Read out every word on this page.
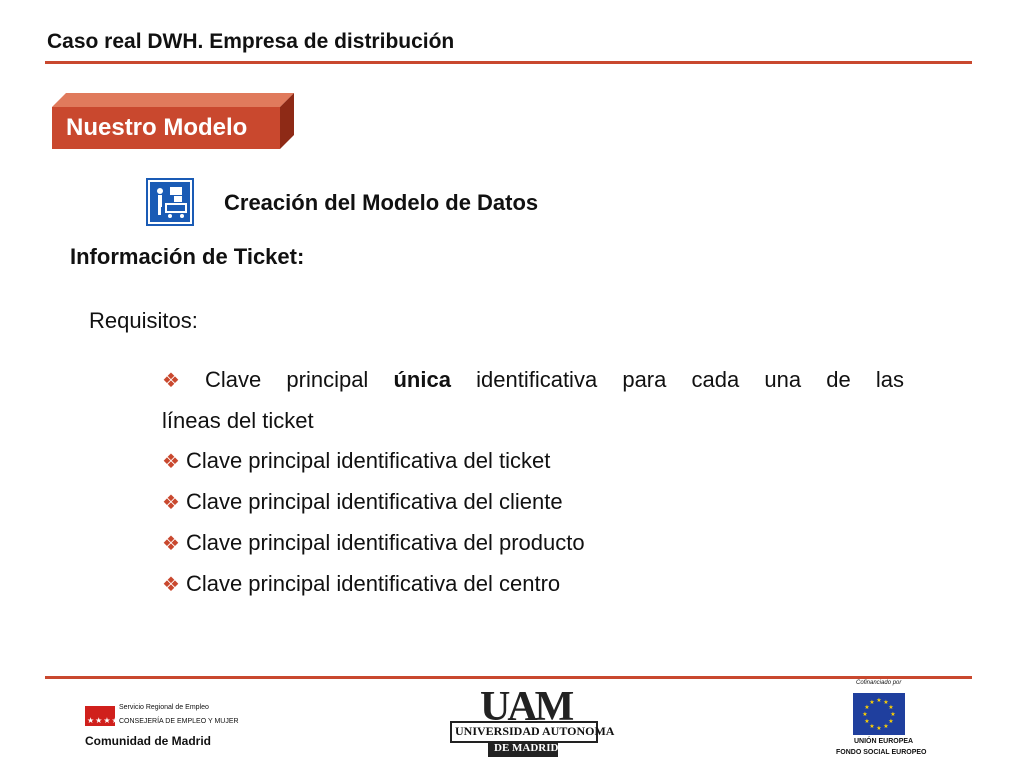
Caso real DWH. Empresa de distribución
Nuestro Modelo
Creación del Modelo de Datos
Información de Ticket:
Requisitos:
❖ Clave principal única identificativa para cada una de las
líneas del ticket
❖ Clave principal identificativa del ticket
❖ Clave principal identificativa del cliente
❖ Clave principal identificativa del producto
❖ Clave principal identificativa del centro
★★★★
Servicio Regional de Empleo
CONSEJERÍA DE EMPLEO Y MUJER
Comunidad de Madrid
UAM
UNIVERSIDAD AUTONOMA
DE MADRID
Cofinanciado por
★ ★
★
★
★
★
★
★
★
★
★
★
UNIÓN EUROPEA
FONDO SOCIAL EUROPEO
